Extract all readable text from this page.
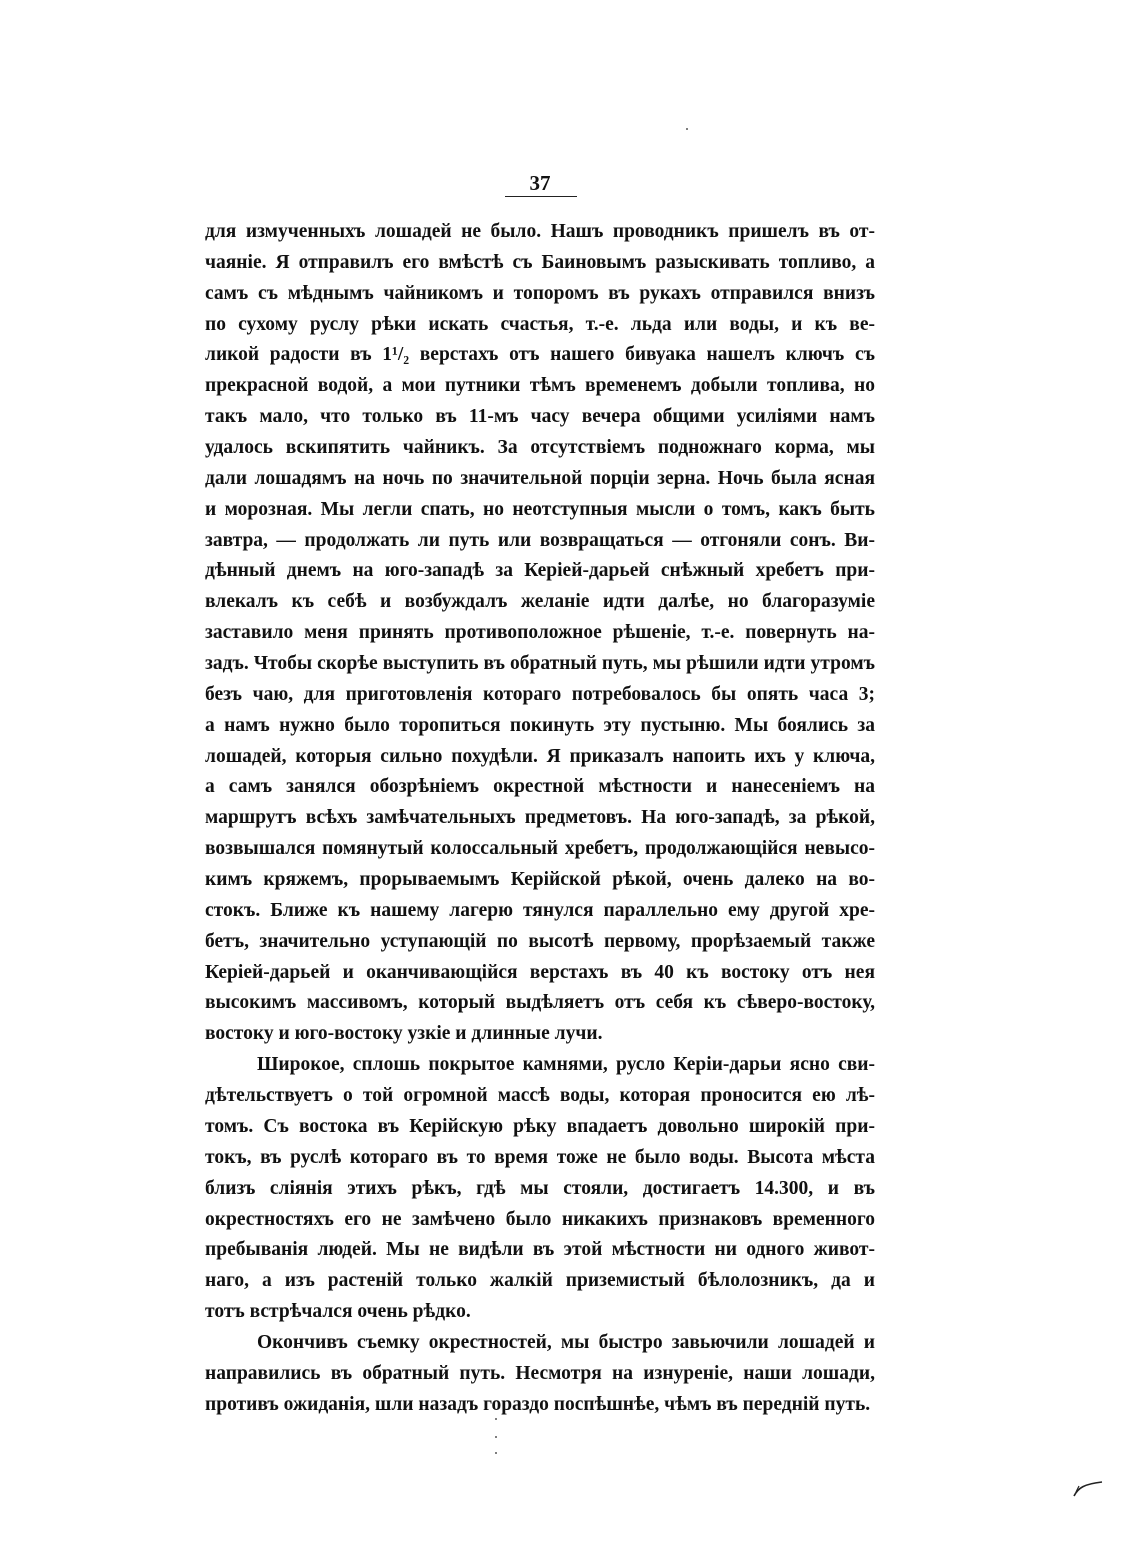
37
для измученныхъ лошадей не было. Нашъ проводникъ пришелъ въ от-
чаяніе. Я отправилъ его вмѣстѣ съ Баиновымъ разыскивать топливо, а
самъ съ мѣднымъ чайникомъ и топоромъ въ рукахъ отправился внизъ
по сухому руслу рѣки искать счастья, т.-е. льда или воды, и къ ве-
ликой радости въ 1¹/₂ верстахъ отъ нашего бивуака нашелъ ключъ съ
прекрасной водой, а мои путники тѣмъ временемъ добыли топлива, но
такъ мало, что только въ 11-мъ часу вечера общими усиліями намъ
удалось вскипятить чайникъ. За отсутствіемъ подножнаго корма, мы
дали лошадямъ на ночь по значительной порціи зерна. Ночь была ясная
и морозная. Мы легли спать, но неотступныя мысли о томъ, какъ быть
завтра, — продолжать ли путь или возвращаться — отгоняли сонъ. Ви-
дѣнный днемъ на юго-западѣ за Керіей-дарьей снѣжный хребетъ при-
влекалъ къ себѣ и возбуждалъ желаніе идти далѣе, но благоразуміе
заставило меня принять противоположное рѣшеніе, т.-е. повернуть на-
задъ. Чтобы скорѣе выступить въ обратный путь, мы рѣшили идти утромъ
безъ чаю, для приготовленія котораго потребовалось бы опять часа 3;
а намъ нужно было торопиться покинуть эту пустыню. Мы боялись за
лошадей, которыя сильно похудѣли. Я приказалъ напоить ихъ у ключа,
а самъ занялся обозрѣніемъ окрестной мѣстности и нанесеніемъ на
маршрутъ всѣхъ замѣчательныхъ предметовъ. На юго-западѣ, за рѣкой,
возвышался помянутый колоссальный хребетъ, продолжающійся невысо-
кимъ кряжемъ, прорываемымъ Керійской рѣкой, очень далеко на во-
стокъ. Ближе къ нашему лагерю тянулся параллельно ему другой хре-
бетъ, значительно уступающій по высотѣ первому, прорѣзаемый также
Керіей-дарьей и оканчивающійся верстахъ въ 40 къ востоку отъ нея
высокимъ массивомъ, который выдѣляетъ отъ себя къ сѣверо-востоку,
востоку и юго-востоку узкіе и длинные лучи.
Широкое, сплошь покрытое камнями, русло Керіи-дарьи ясно сви-
дѣтельствуетъ о той огромной массѣ воды, которая проносится ею лѣ-
томъ. Съ востока въ Керійскую рѣку впадаетъ довольно широкій при-
токъ, въ руслѣ котораго въ то время тоже не было воды. Высота мѣста
близъ слiянія этихъ рѣкъ, гдѣ мы стояли, достигаетъ 14.300, и въ
окрестностяхъ его не замѣчено было никакихъ признаковъ временного
пребыванія людей. Мы не видѣли въ этой мѣстности ни одного живот-
наго, а изъ растеній только жалкій приземистый бѣлолозникъ, да и
тотъ встрѣчался очень рѣдко.
Окончивъ съемку окрестностей, мы быстро завьючили лошадей и
направились въ обратный путь. Несмотря на изнуреніе, наши лошади,
противъ ожиданія, шли назадъ гораздо поспѣшнѣе, чѣмъ въ передній путь.
